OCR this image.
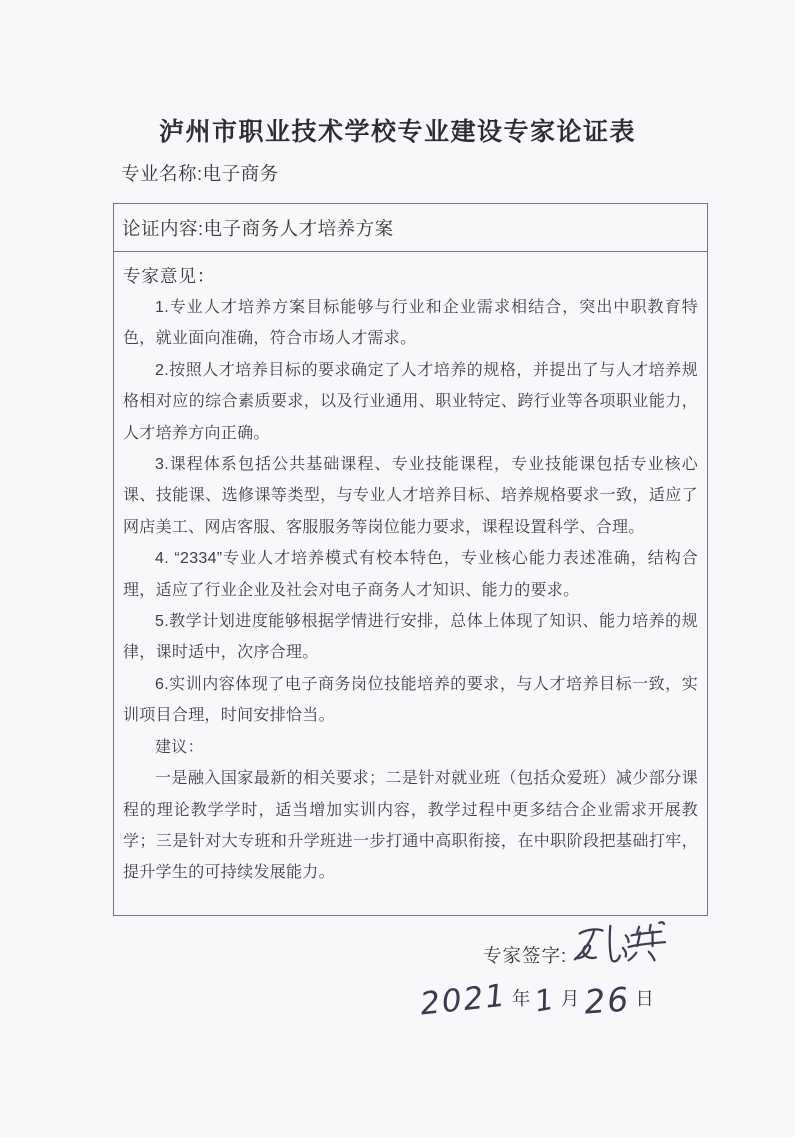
泸州市职业技术学校专业建设专家论证表
专业名称:电子商务
论证内容:电子商务人才培养方案
专家意见：

1.专业人才培养方案目标能够与行业和企业需求相结合，突出中职教育特色，就业面向准确，符合市场人才需求。

2.按照人才培养目标的要求确定了人才培养的规格，并提出了与人才培养规格相对应的综合素质要求，以及行业通用、职业特定、跨行业等各项职业能力，人才培养方向正确。

3.课程体系包括公共基础课程、专业技能课程，专业技能课包括专业核心课、技能课、选修课等类型，与专业人才培养目标、培养规格要求一致，适应了网店美工、网店客服、客服服务等岗位能力要求，课程设置科学、合理。

4. “2334”专业人才培养模式有校本特色，专业核心能力表述准确，结构合理，适应了行业企业及社会对电子商务人才知识、能力的要求。

5.教学计划进度能够根据学情进行安排，总体上体现了知识、能力培养的规律，课时适中，次序合理。

6.实训内容体现了电子商务岗位技能培养的要求，与人才培养目标一致，实训项目合理，时间安排恰当。

建议：

一是融入国家最新的相关要求；二是针对就业班（包括众爱班）减少部分课程的理论教学学时，适当增加实训内容，教学过程中更多结合企业需求开展教学；三是针对大专班和升学班进一步打通中高职衔接，在中职阶段把基础打牢，提升学生的可持续发展能力。

专家签字:
2021 年 1 月 26 日
